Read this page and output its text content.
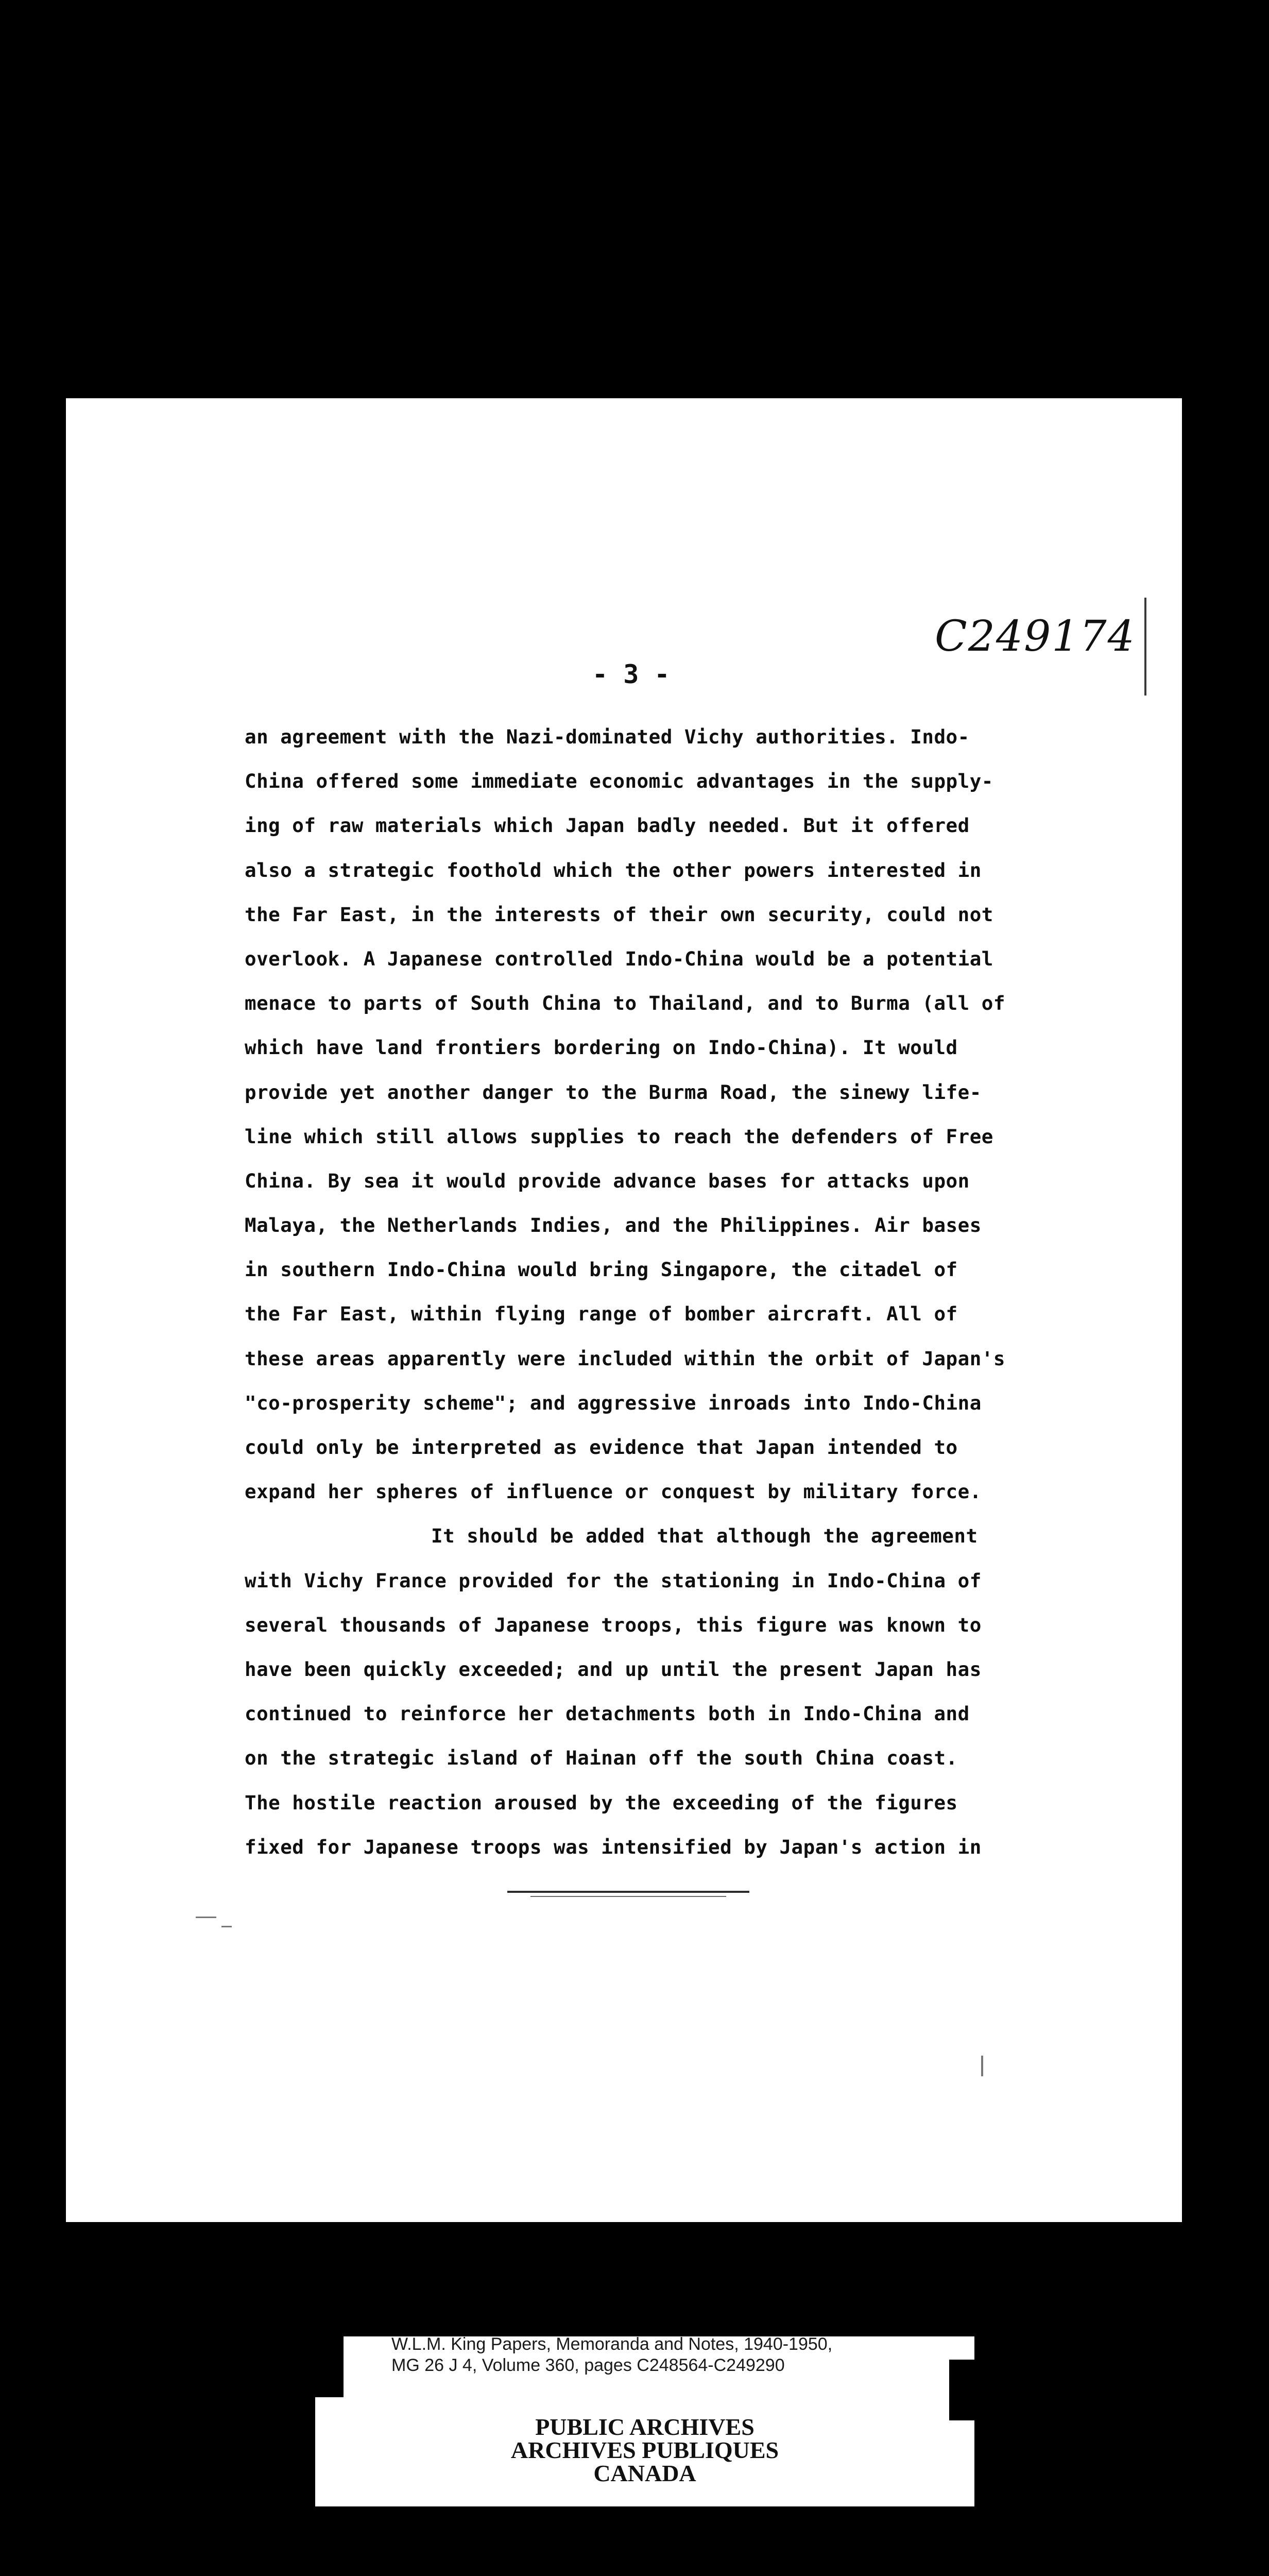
C249174
- 3 -
an agreement with the Nazi-dominated Vichy authorities. Indo-
China offered some immediate economic advantages in the supply-
ing of raw materials which Japan badly needed. But it offered
also a strategic foothold which the other powers interested in
the Far East, in the interests of their own security, could not
overlook. A Japanese controlled Indo-China would be a potential
menace to parts of South China to Thailand, and to Burma (all of
which have land frontiers bordering on Indo-China). It would
provide yet another danger to the Burma Road, the sinewy life-
line which still allows supplies to reach the defenders of Free
China. By sea it would provide advance bases for attacks upon
Malaya, the Netherlands Indies, and the Philippines. Air bases
in southern Indo-China would bring Singapore, the citadel of
the Far East, within flying range of bomber aircraft. All of
these areas apparently were included within the orbit of Japan's
"co-prosperity scheme"; and aggressive inroads into Indo-China
could only be interpreted as evidence that Japan intended to
expand her spheres of influence or conquest by military force.
It should be added that although the agreement
with Vichy France provided for the stationing in Indo-China of
several thousands of Japanese troops, this figure was known to
have been quickly exceeded; and up until the present Japan has
continued to reinforce her detachments both in Indo-China and
on the strategic island of Hainan off the south China coast.
The hostile reaction aroused by the exceeding of the figures
fixed for Japanese troops was intensified by Japan's action in
W.L.M. King Papers, Memoranda and Notes, 1940-1950,
MG 26 J 4, Volume 360, pages C248564-C249290
PUBLIC ARCHIVES
ARCHIVES PUBLIQUES
CANADA
